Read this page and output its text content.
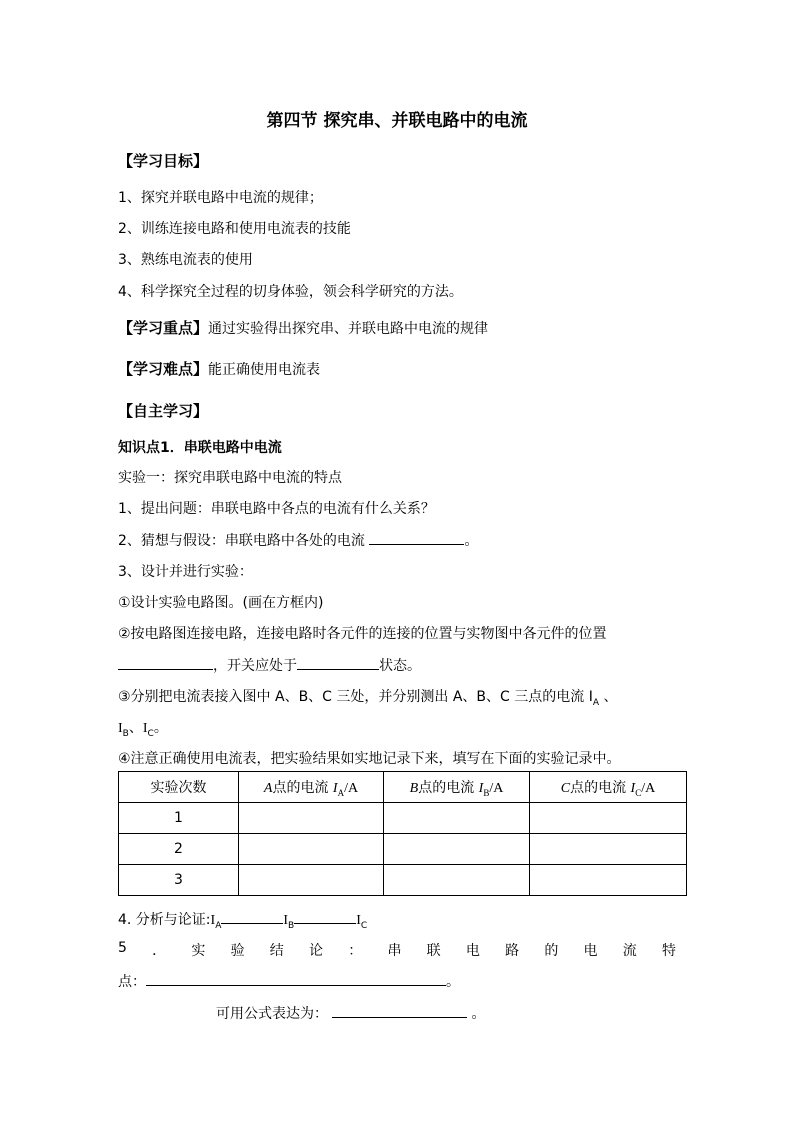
第四节 探究串、并联电路中的电流
【学习目标】
1、探究并联电路中电流的规律；
2、训练连接电路和使用电流表的技能
3、熟练电流表的使用
4、科学探究全过程的切身体验，领会科学研究的方法。
【学习重点】通过实验得出探究串、并联电路中电流的规律
【学习难点】能正确使用电流表
【自主学习】
知识点1．串联电路中电流
实验一：探究串联电路中电流的特点
1、提出问题：串联电路中各点的电流有什么关系？
2、猜想与假设：串联电路中各处的电流	。
3、设计并进行实验：
①设计实验电路图。(画在方框内)
②按电路图连接电路，连接电路时各元件的连接的位置与实物图中各元件的位置
，开关应处于	状态。
③分别把电流表接入图中 A、B、C 三处，并分别测出 A、B、C 三点的电流 $I_A$ 、
$I_B$、$I_C$。
④注意正确使用电流表，把实验结果如实地记录下来，填写在下面的实验记录中。
实验次数	A点的电流 $I_A/A$	B点的电流 $I_B/A$	C点的电流 $I_C/A$
1			
2			
3			
4. 分析与论证$:I_A$	$I_B$	$I_C$
5 ． 实 验 结 论 ： 串 联 电 路 的 电 流 特
点：	。
可用公式表达为：	。
